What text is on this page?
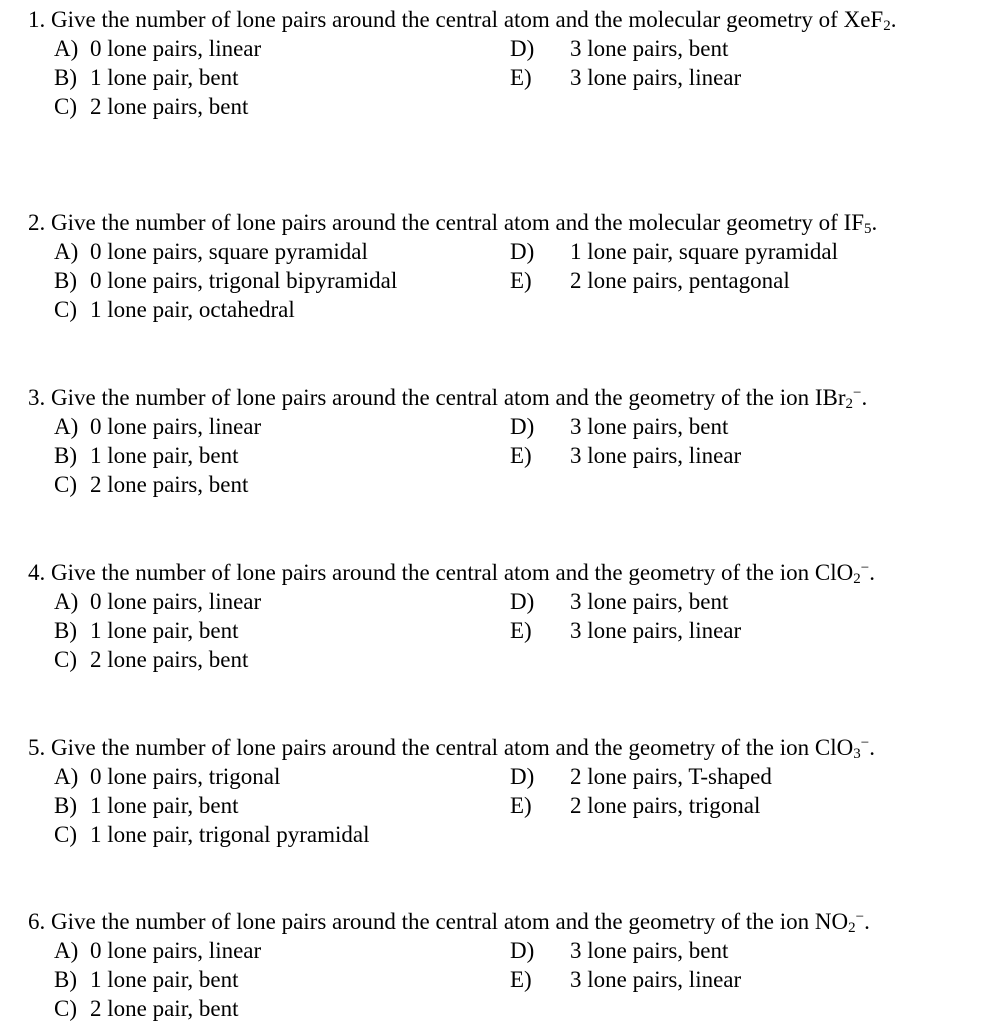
1. Give the number of lone pairs around the central atom and the molecular geometry of XeF$_2$.

A) 0 lone pairs, linear
B) 1 lone pair, bent
C) 2 lone pairs, bent
D) 3 lone pairs, bent
E) 3 lone pairs, linear

2. Give the number of lone pairs around the central atom and the molecular geometry of $IF_5$.

A) 0 lone pairs, square pyramidal
B) 0 lone pairs, trigonal bipyramidal
C) 1 lone pair, octahedral
D) 1 lone pair, square pyramidal
E) 2 lone pairs, pentagonal

3. Give the number of lone pairs around the central atom and the geometry of the ion IBr$_2$−.

A) 0 lone pairs, linear
B) 1 lone pair, bent
C) 2 lone pairs, bent
D) 3 lone pairs, bent
E) 3 lone pairs, linear

4. Give the number of lone pairs around the central atom and the geometry of the ion ClO$_2$−.

A) 0 lone pairs, linear
B) 1 lone pair, bent
C) 2 lone pairs, bent
D) 3 lone pairs, bent
E) 3 lone pairs, linear

5. Give the number of lone pairs around the central atom and the geometry of the ion ClO$_3$−.

A) 0 lone pairs, trigonal
B) 1 lone pair, bent
C) 1 lone pair, trigonal pyramidal
D) 2 lone pairs, T-shaped
E) 2 lone pairs, trigonal

6. Give the number of lone pairs around the central atom and the geometry of the ion $NO_2^-$.

A) 0 lone pairs, linear
B) 1 lone pair, bent
C) 2 lone pair, bent
D) 3 lone pairs, bent
E) 3 lone pairs, linear
